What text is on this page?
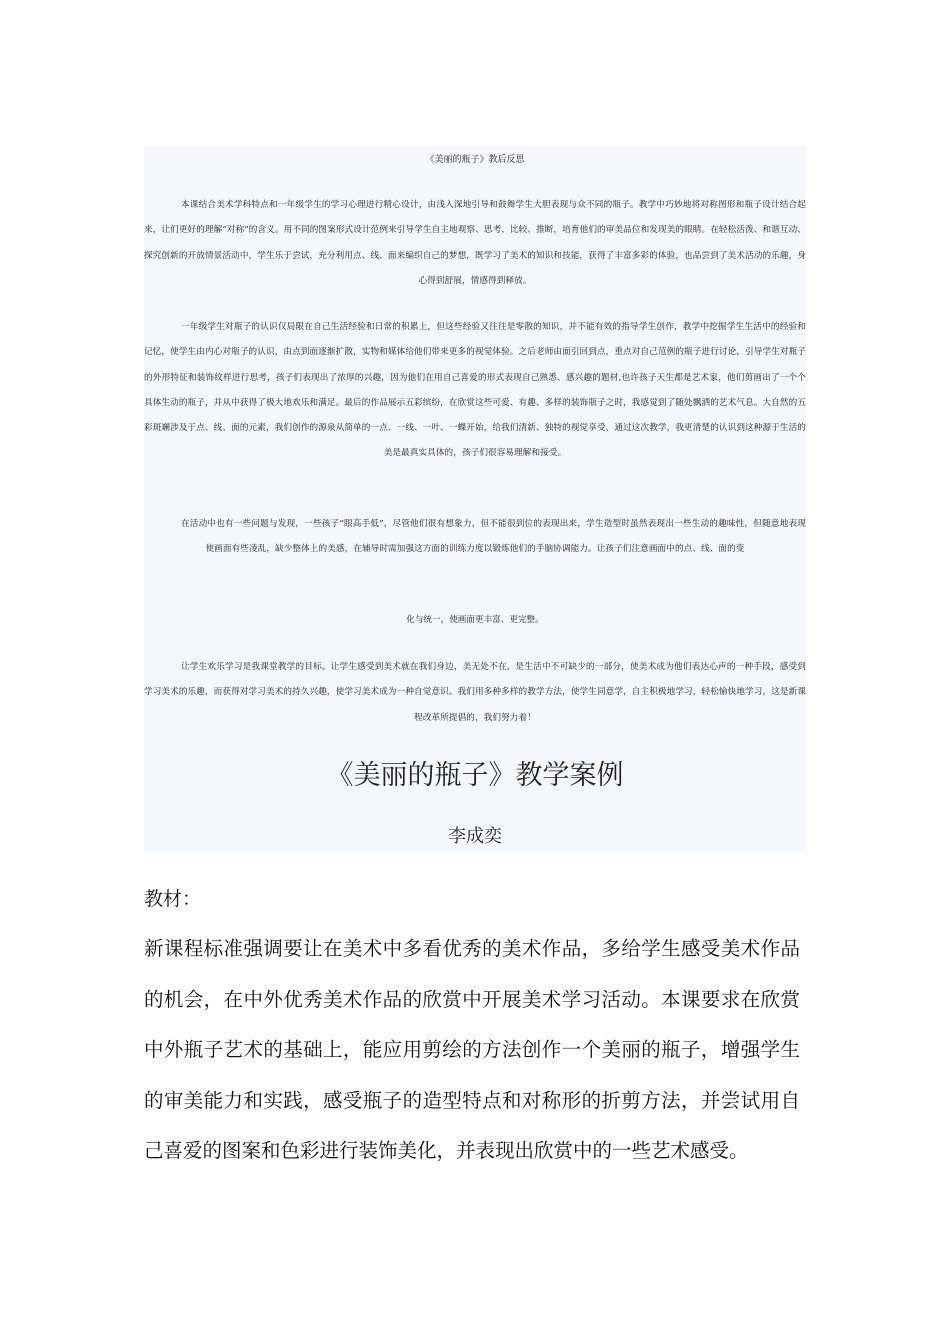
《美丽的瓶子》教后反思
本课结合美术学科特点和一年级学生的学习心理进行精心设计，由浅入深地引导和鼓舞学生大胆表现与众不同的瓶子。教学中巧妙地将对称图形和瓶子设计结合起来，让们更好的理解“对称”的含义。用不同的图案形式设计范例来引导学生自主地观察、思考、比较、推断，培育他们的审美品位和发现美的眼睛。在轻松活泼、和谐互动、探究创新的开放情景活动中，学生乐于尝试，充分利用点、线、面来编织自己的梦想，既学习了美术的知识和技能，获得了丰富多彩的体验，也品尝到了美术活动的乐趣，身心得到舒展，情感得到释放。
一年级学生对瓶子的认识仅局限在自己生活经验和日常的积累上，但这些经验又往往是零散的知识，并不能有效的指导学生创作，教学中挖掘学生生活中的经验和记忆，使学生由内心对瓶子的认识，由点到面逐渐扩散，实物和媒体给他们带来更多的视觉体验。之后老师由面引回到点，重点对自己范例的瓶子进行讨论，引导学生对瓶子的外形特征和装饰纹样进行思考，孩子们表现出了浓厚的兴趣，因为他们在用自己喜爱的形式表现自己熟悉、感兴趣的题材,也许孩子天生都是艺术家，他们剪画出了一个个具体生动的瓶子，并从中获得了极大地欢乐和满足。最后的作品展示五彩缤纷，在欣赏这些可爱、有趣、多样的装饰瓶子之时，我感觉到了随处飘洒的艺术气息。大自然的五彩斑斓涉及于点、线、面的元素，我们创作的源泉从简单的一点、一线、一叶、一蝶开始，给我们清新、独特的视觉享受，通过这次教学，我更清楚的认识到这种源于生活的美是最真实具体的，孩子们很容易理解和接受。
在活动中也有一些问题与发现，一些孩子“眼高手低”，尽管他们很有想象力，但不能很到位的表现出来，学生造型时虽然表现出一些生动的趣味性，但随意地表现使画面有些凌乱，缺少整体上的美感，在辅导时需加强这方面的训练力度以锻炼他们的手脑协调能力。让孩子们注意画面中的点、线、面的变
化与统一，使画面更丰富、更完整。
让学生欢乐学习是我课堂教学的目标。让学生感受到美术就在我们身边，美无处不在，是生活中不可缺少的一部分，使美术成为他们表达心声的一种手段，感受到学习美术的乐趣，而获得对学习美术的持久兴趣，使学习美术成为一种自觉意识。我们用多种多样的教学方法，使学生同意学，自主积极地学习，轻松愉快地学习，这是新课程改革所提倡的，我们努力着！
《美丽的瓶子》教学案例
李成奕
教材：
新课程标准强调要让在美术中多看优秀的美术作品，多给学生感受美术作品的机会，在中外优秀美术作品的欣赏中开展美术学习活动。本课要求在欣赏中外瓶子艺术的基础上，能应用剪绘的方法创作一个美丽的瓶子，增强学生的审美能力和实践，感受瓶子的造型特点和对称形的折剪方法，并尝试用自己喜爱的图案和色彩进行装饰美化，并表现出欣赏中的一些艺术感受。
